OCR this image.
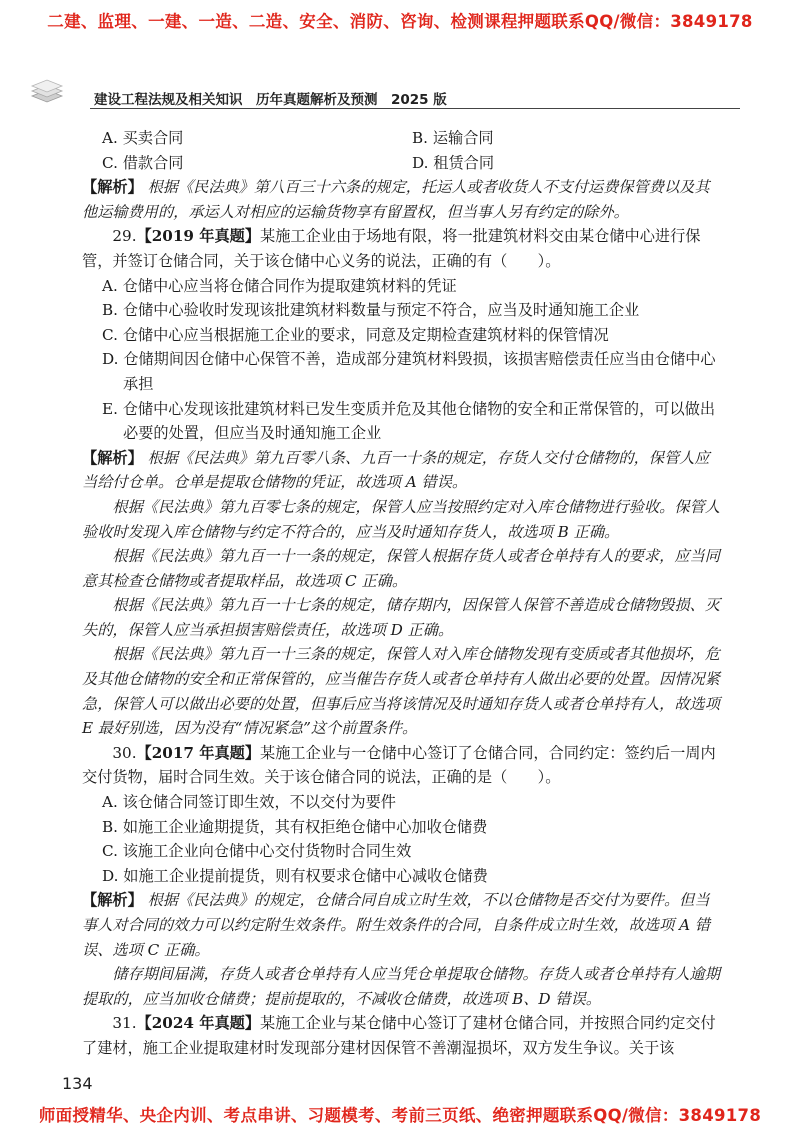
二建、监理、一建、一造、二造、安全、消防、咨询、检测课程押题联系QQ/微信：3849178
建设工程法规及相关知识　历年真题解析及预测　2025 版
A. 买卖合同	B. 运输合同
C. 借款合同	D. 租赁合同
【解析】 根据《民法典》第八百三十六条的规定，托运人或者收货人不支付运费保管费以及其他运输费用的，承运人对相应的运输货物享有留置权，但当事人另有约定的除外。
29.【2019 年真题】某施工企业由于场地有限，将一批建筑材料交由某仓储中心进行保管，并签订仓储合同，关于该仓储中心义务的说法，正确的有（　　）。
A. 仓储中心应当将仓储合同作为提取建筑材料的凭证
B. 仓储中心验收时发现该批建筑材料数量与预定不符合，应当及时通知施工企业
C. 仓储中心应当根据施工企业的要求，同意及定期检查建筑材料的保管情况
D. 仓储期间因仓储中心保管不善，造成部分建筑材料毁损，该损害赔偿责任应当由仓储中心承担
E. 仓储中心发现该批建筑材料已发生变质并危及其他仓储物的安全和正常保管的，可以做出必要的处置，但应当及时通知施工企业
【解析】 根据《民法典》第九百零八条、九百一十条的规定，存货人交付仓储物的，保管人应当给付仓单。仓单是提取仓储物的凭证，故选项 A 错误。
根据《民法典》第九百零七条的规定，保管人应当按照约定对入库仓储物进行验收。保管人验收时发现入库仓储物与约定不符合的，应当及时通知存货人，故选项 B 正确。
根据《民法典》第九百一十一条的规定，保管人根据存货人或者仓单持有人的要求，应当同意其检查仓储物或者提取样品，故选项 C 正确。
根据《民法典》第九百一十七条的规定，储存期内，因保管人保管不善造成仓储物毁损、灭失的，保管人应当承担损害赔偿责任，故选项 D 正确。
根据《民法典》第九百一十三条的规定，保管人对入库仓储物发现有变质或者其他损坏，危及其他仓储物的安全和正常保管的，应当催告存货人或者仓单持有人做出必要的处置。因情况紧急，保管人可以做出必要的处置，但事后应当将该情况及时通知存货人或者仓单持有人，故选项 E 最好别选，因为没有“情况紧急”这个前置条件。
30.【2017 年真题】某施工企业与一仓储中心签订了仓储合同，合同约定：签约后一周内交付货物，届时合同生效。关于该仓储合同的说法，正确的是（　　）。
A. 该仓储合同签订即生效，不以交付为要件
B. 如施工企业逾期提货，其有权拒绝仓储中心加收仓储费
C. 该施工企业向仓储中心交付货物时合同生效
D. 如施工企业提前提货，则有权要求仓储中心减收仓储费
【解析】 根据《民法典》的规定，仓储合同自成立时生效，不以仓储物是否交付为要件。但当事人对合同的效力可以约定附生效条件。附生效条件的合同，自条件成立时生效，故选项 A 错误、选项 C 正确。
储存期间届满，存货人或者仓单持有人应当凭仓单提取仓储物。存货人或者仓单持有人逾期提取的，应当加收仓储费；提前提取的，不减收仓储费，故选项 B、D 错误。
31.【2024 年真题】某施工企业与某仓储中心签订了建材仓储合同，并按照合同约定交付了建材，施工企业提取建材时发现部分建材因保管不善潮湿损坏，双方发生争议。关于该
134
师面授精华、央企内训、考点串讲、习题模考、考前三页纸、绝密押题联系QQ/微信：3849178
